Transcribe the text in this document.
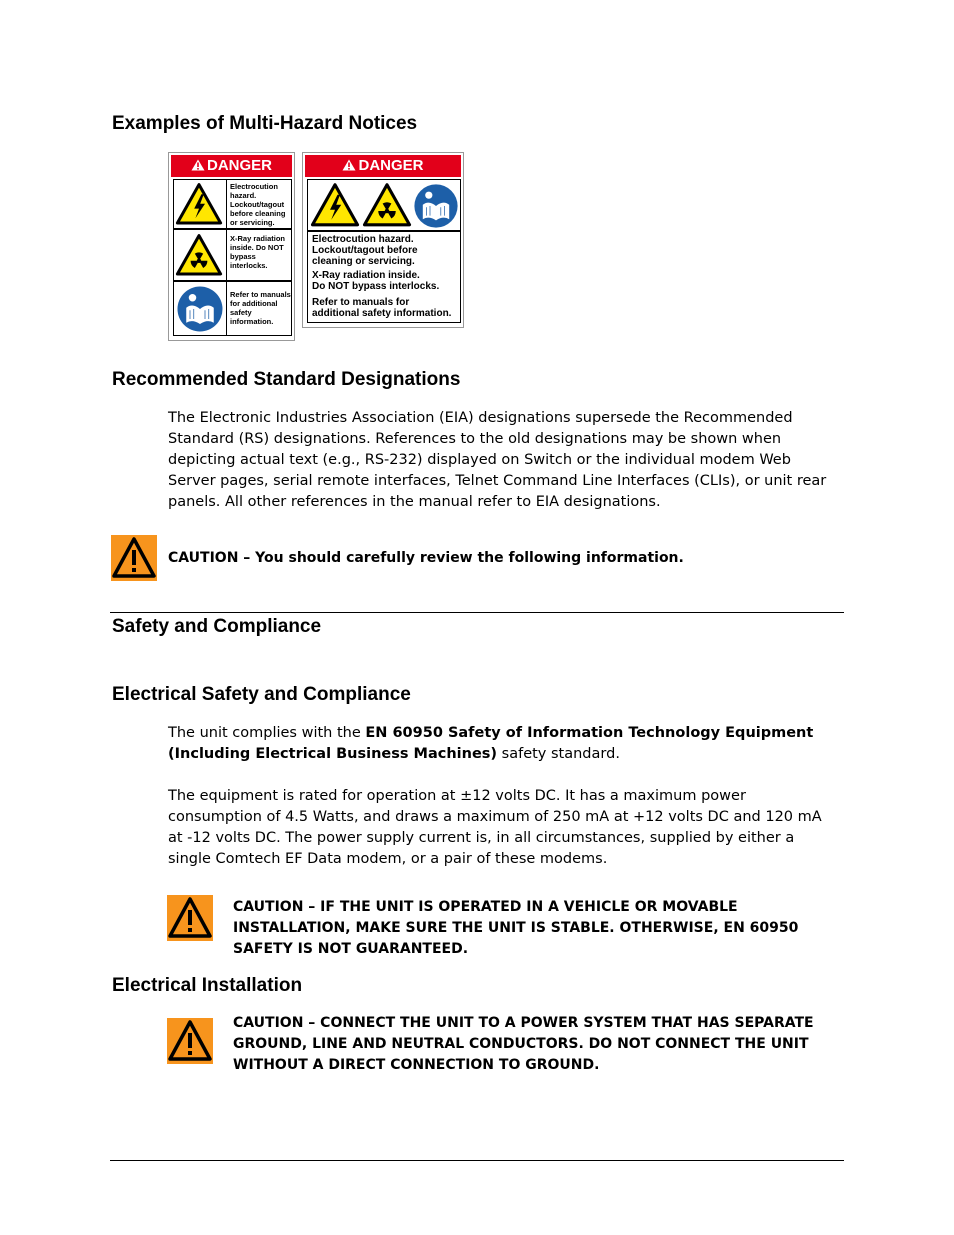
Examples of Multi-Hazard Notices
DANGER
Electrocution hazard. Lockout/tagout before cleaning or servicing.
X-Ray radiation inside. Do NOT bypass interlocks.
Refer to manuals for additional safety information.
DANGER
Electrocution hazard.
Lockout/tagout before
cleaning or servicing.
X-Ray radiation inside.
Do NOT bypass interlocks.
Refer to manuals for
additional safety information.
Recommended Standard Designations

The Electronic Industries Association (EIA) designations supersede the Recommended Standard (RS) designations. References to the old designations may be shown when depicting actual text (e.g., RS-232) displayed on Switch or the individual modem Web Server pages, serial remote interfaces, Telnet Command Line Interfaces (CLIs), or unit rear panels. All other references in the manual refer to EIA designations.

CAUTION – You should carefully review the following information.

Safety and Compliance
Electrical Safety and Compliance

The unit complies with the EN 60950 Safety of Information Technology Equipment (Including Electrical Business Machines) safety standard.

The equipment is rated for operation at ±12 volts DC. It has a maximum power consumption of 4.5 Watts, and draws a maximum of 250 mA at +12 volts DC and 120 mA at -12 volts DC. The power supply current is, in all circumstances, supplied by either a single Comtech EF Data modem, or a pair of these modems.

CAUTION – IF THE UNIT IS OPERATED IN A VEHICLE OR MOVABLE INSTALLATION, MAKE SURE THE UNIT IS STABLE. OTHERWISE, EN 60950 SAFETY IS NOT GUARANTEED.

Electrical Installation

CAUTION – CONNECT THE UNIT TO A POWER SYSTEM THAT HAS SEPARATE GROUND, LINE AND NEUTRAL CONDUCTORS. DO NOT CONNECT THE UNIT WITHOUT A DIRECT CONNECTION TO GROUND.
